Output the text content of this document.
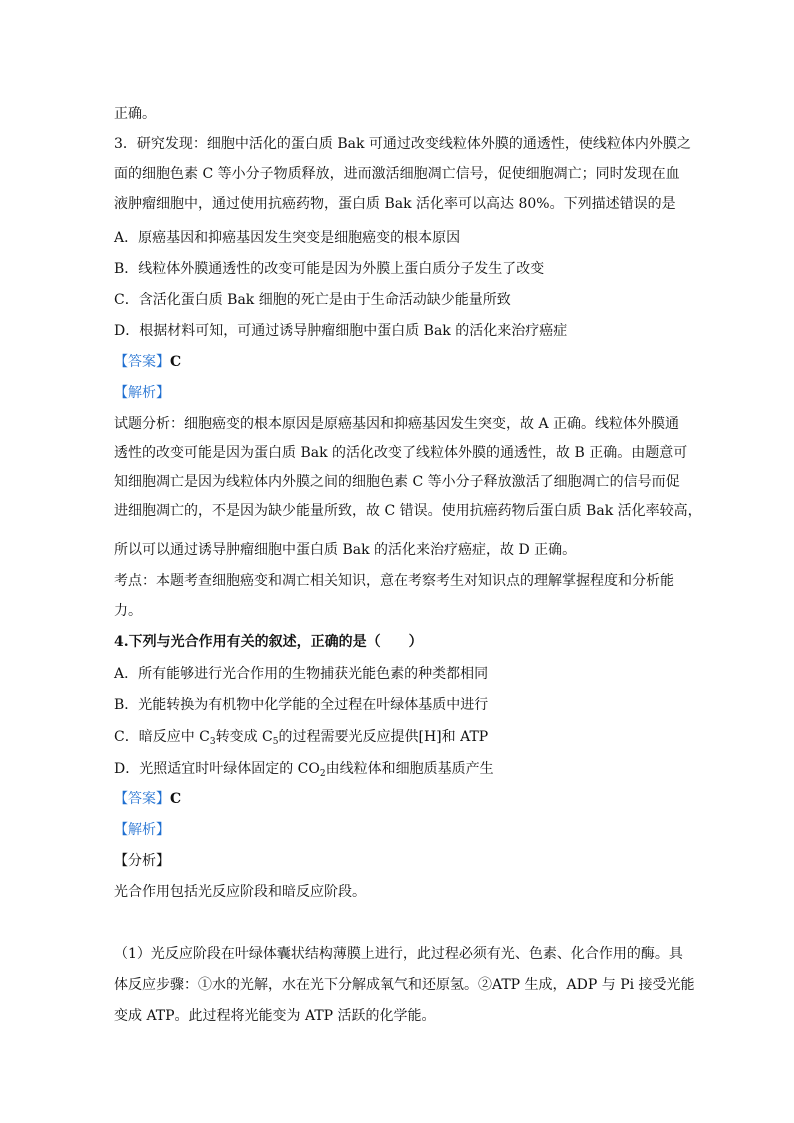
正确。
3．研究发现：细胞中活化的蛋白质 Bak 可通过改变线粒体外膜的通透性，使线粒体内外膜之
面的细胞色素 C 等小分子物质释放，进而激活细胞凋亡信号，促使细胞凋亡；同时发现在血
液肿瘤细胞中，通过使用抗癌药物，蛋白质 Bak 活化率可以高达 80%。下列描述错误的是
A．原癌基因和抑癌基因发生突变是细胞癌变的根本原因
B．线粒体外膜通透性的改变可能是因为外膜上蛋白质分子发生了改变
C．含活化蛋白质 Bak 细胞的死亡是由于生命活动缺少能量所致
D．根据材料可知，可通过诱导肿瘤细胞中蛋白质 Bak 的活化来治疗癌症
【答案】C
【解析】
试题分析：细胞癌变的根本原因是原癌基因和抑癌基因发生突变，故 A 正确。线粒体外膜通
透性的改变可能是因为蛋白质 Bak 的活化改变了线粒体外膜的通透性，故 B 正确。由题意可
知细胞凋亡是因为线粒体内外膜之间的细胞色素 C 等小分子释放激活了细胞凋亡的信号而促
进细胞凋亡的，不是因为缺少能量所致，故 C 错误。使用抗癌药物后蛋白质 Bak 活化率较高，
所以可以通过诱导肿瘤细胞中蛋白质 Bak 的活化来治疗癌症，故 D 正确。
考点：本题考查细胞癌变和凋亡相关知识，意在考察考生对知识点的理解掌握程度和分析能
力。
4.下列与光合作用有关的叙述，正确的是（　　）
A．所有能够进行光合作用的生物捕获光能色素的种类都相同
B．光能转换为有机物中化学能的全过程在叶绿体基质中进行
C．暗反应中 $C_3$转变成 $C_5$的过程需要光反应提供[H]和 ATP
D．光照适宜时叶绿体固定的 $CO_2$由线粒体和细胞质基质产生
【答案】C
【解析】
【分析】
光合作用包括光反应阶段和暗反应阶段。
（1）光反应阶段在叶绿体囊状结构薄膜上进行，此过程必须有光、色素、化合作用的酶。具
体反应步骤：①水的光解，水在光下分解成氧气和还原氢。②ATP 生成，ADP 与 Pi 接受光能
变成 ATP。此过程将光能变为 ATP 活跃的化学能。
